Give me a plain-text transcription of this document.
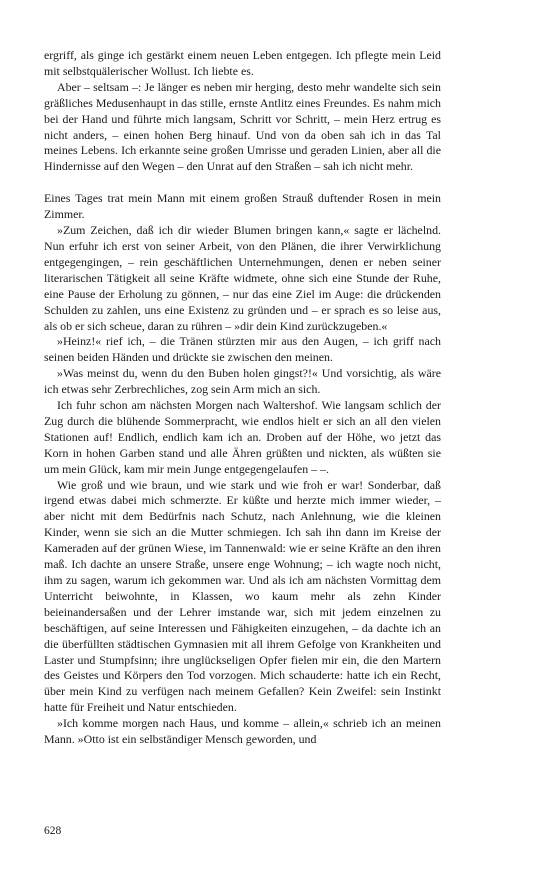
ergriff, als ginge ich gestärkt einem neuen Leben entgegen. Ich pflegte mein Leid mit selbstquälerischer Wollust. Ich liebte es.

Aber – seltsam –: Je länger es neben mir herging, desto mehr wandelte sich sein gräßliches Medusenhaupt in das stille, ernste Antlitz eines Freundes. Es nahm mich bei der Hand und führte mich langsam, Schritt vor Schritt, – mein Herz ertrug es nicht anders, – einen hohen Berg hinauf. Und von da oben sah ich in das Tal meines Lebens. Ich erkannte seine großen Umrisse und geraden Linien, aber all die Hindernisse auf den Wegen – den Unrat auf den Straßen – sah ich nicht mehr.

Eines Tages trat mein Mann mit einem großen Strauß duftender Rosen in mein Zimmer.

»Zum Zeichen, daß ich dir wieder Blumen bringen kann,« sagte er lächelnd. Nun erfuhr ich erst von seiner Arbeit, von den Plänen, die ihrer Verwirklichung entgegengingen, – rein geschäftlichen Unternehmungen, denen er neben seiner literarischen Tätigkeit all seine Kräfte widmete, ohne sich eine Stunde der Ruhe, eine Pause der Erholung zu gönnen, – nur das eine Ziel im Auge: die drückenden Schulden zu zahlen, uns eine Existenz zu gründen und – er sprach es so leise aus, als ob er sich scheue, daran zu rühren – »dir dein Kind zurückzugeben.«

»Heinz!« rief ich, – die Tränen stürzten mir aus den Augen, – ich griff nach seinen beiden Händen und drückte sie zwischen den meinen.

»Was meinst du, wenn du den Buben holen gingst?!« Und vorsichtig, als wäre ich etwas sehr Zerbrechliches, zog sein Arm mich an sich.

Ich fuhr schon am nächsten Morgen nach Waltershof. Wie langsam schlich der Zug durch die blühende Sommerpracht, wie endlos hielt er sich an all den vielen Stationen auf! Endlich, endlich kam ich an. Droben auf der Höhe, wo jetzt das Korn in hohen Garben stand und alle Ähren grüßten und nickten, als wüßten sie um mein Glück, kam mir mein Junge entgegengelaufen – –.

Wie groß und wie braun, und wie stark und wie froh er war! Sonderbar, daß irgend etwas dabei mich schmerzte. Er küßte und herzte mich immer wieder, – aber nicht mit dem Bedürfnis nach Schutz, nach Anlehnung, wie die kleinen Kinder, wenn sie sich an die Mutter schmiegen. Ich sah ihn dann im Kreise der Kameraden auf der grünen Wiese, im Tannenwald: wie er seine Kräfte an den ihren maß. Ich dachte an unsere Straße, unsere enge Wohnung; – ich wagte noch nicht, ihm zu sagen, warum ich gekommen war. Und als ich am nächsten Vormittag dem Unterricht beiwohnte, in Klassen, wo kaum mehr als zehn Kinder beieinandersaßen und der Lehrer imstande war, sich mit jedem einzelnen zu beschäftigen, auf seine Interessen und Fähigkeiten einzugehen, – da dachte ich an die überfüllten städtischen Gymnasien mit all ihrem Gefolge von Krankheiten und Laster und Stumpfsinn; ihre unglückseligen Opfer fielen mir ein, die den Martern des Geistes und Körpers den Tod vorzogen. Mich schauderte: hatte ich ein Recht, über mein Kind zu verfügen nach meinem Gefallen? Kein Zweifel: sein Instinkt hatte für Freiheit und Natur entschieden.

»Ich komme morgen nach Haus, und komme – allein,« schrieb ich an meinen Mann. »Otto ist ein selbständiger Mensch geworden, und

628
